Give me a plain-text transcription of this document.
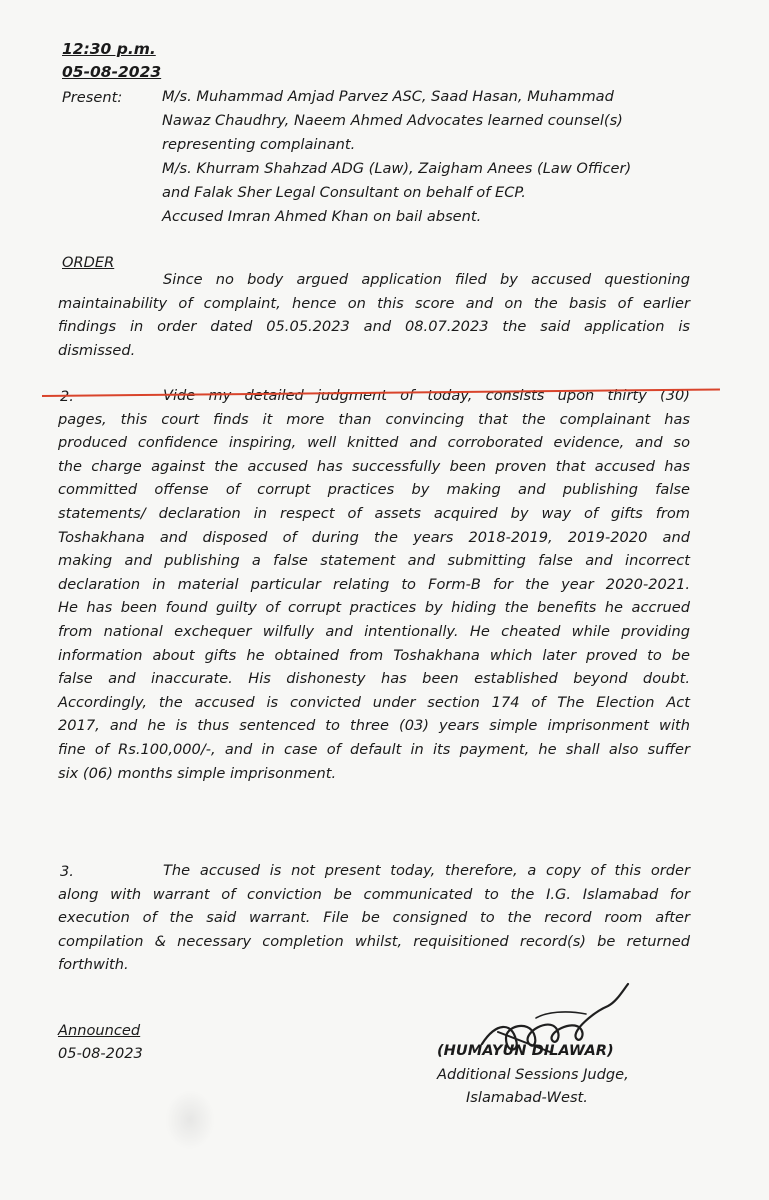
12:30 p.m.
05-08-2023
Present:	M/s. Muhammad Amjad Parvez ASC, Saad Hasan, Muhammad
Nawaz Chaudhry, Naeem Ahmed Advocates learned counsel(s)
representing complainant.
M/s. Khurram Shahzad ADG (Law), Zaigham Anees (Law Officer)
and Falak Sher Legal Consultant on behalf of ECP.
Accused Imran Ahmed Khan on bail absent.
ORDER
Since no body argued application filed by accused questioning
maintainability of complaint, hence on this score and on the basis of earlier
findings in order dated 05.05.2023 and 08.07.2023 the said application is
dismissed.
2.	Vide my detailed judgment of today, consists upon thirty (30)
pages, this court finds it more than convincing that the complainant has
produced confidence inspiring, well knitted and corroborated evidence, and so
the charge against the accused has successfully been proven that accused has
committed offense of corrupt practices by making and publishing false
statements/ declaration in respect of assets acquired by way of gifts from
Toshakhana and disposed of during the years 2018-2019, 2019-2020 and
making and publishing a false statement and submitting false and incorrect
declaration in material particular relating to Form-B for the year 2020-2021.
He has been found guilty of corrupt practices by hiding the benefits he accrued
from national exchequer wilfully and intentionally. He cheated while providing
information about gifts he obtained from Toshakhana which later proved to be
false and inaccurate. His dishonesty has been established beyond doubt.
Accordingly, the accused is convicted under section 174 of The Election Act
2017, and he is thus sentenced to three (03) years simple imprisonment with
fine of Rs.100,000/-, and in case of default in its payment, he shall also suffer
six (06) months simple imprisonment.
3.	The accused is not present today, therefore, a copy of this order
along with warrant of conviction be communicated to the I.G. Islamabad for
execution of the said warrant. File be consigned to the record room after
compilation & necessary completion whilst, requisitioned record(s) be returned
forthwith.
Announced
05-08-2023	(HUMAYUN DILAWAR)
Additional Sessions Judge,
Islamabad-West.
